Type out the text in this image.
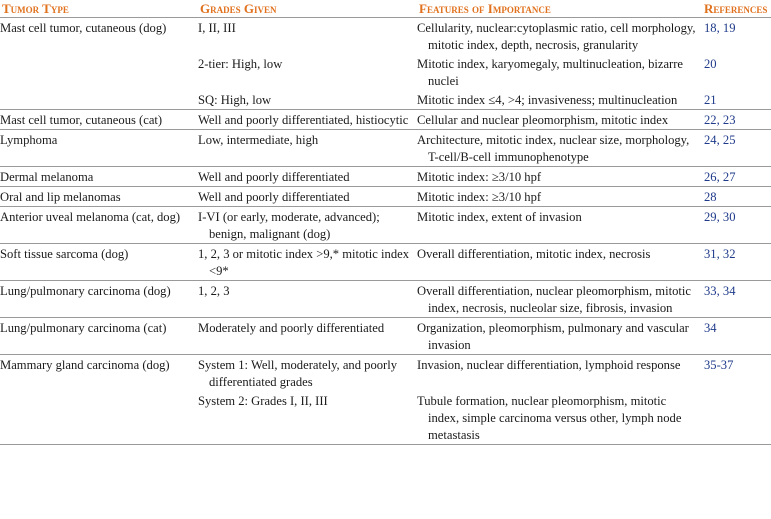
Tumor Type	Grades Given	Features of Importance	References
Mast cell tumor, cutaneous (dog)	I, II, III	Cellularity, nuclear:cytoplasmic ratio, cell morphology, mitotic index, depth, necrosis, granularity	18, 19
	2-tier: High, low	Mitotic index, karyomegaly, multinucleation, bizarre nuclei	20
	SQ: High, low	Mitotic index ≤4, >4; invasiveness; multinucleation	21
Mast cell tumor, cutaneous (cat)	Well and poorly differentiated, histiocytic	Cellular and nuclear pleomorphism, mitotic index	22, 23
Lymphoma	Low, intermediate, high	Architecture, mitotic index, nuclear size, morphology, T-cell/B-cell immunophenotype	24, 25
Dermal melanoma	Well and poorly differentiated	Mitotic index: ≥3/10 hpf	26, 27
Oral and lip melanomas	Well and poorly differentiated	Mitotic index: ≥3/10 hpf	28
Anterior uveal melanoma (cat, dog)	I-VI (or early, moderate, advanced); benign, malignant (dog)	Mitotic index, extent of invasion	29, 30
Soft tissue sarcoma (dog)	1, 2, 3 or mitotic index >9,* mitotic index <9*	Overall differentiation, mitotic index, necrosis	31, 32
Lung/pulmonary carcinoma (dog)	1, 2, 3	Overall differentiation, nuclear pleomorphism, mitotic index, necrosis, nucleolar size, fibrosis, invasion	33, 34
Lung/pulmonary carcinoma (cat)	Moderately and poorly differentiated	Organization, pleomorphism, pulmonary and vascular invasion	34
Mammary gland carcinoma (dog)	System 1: Well, moderately, and poorly differentiated grades	Invasion, nuclear differentiation, lymphoid response	35-37
	System 2: Grades I, II, III	Tubule formation, nuclear pleomorphism, mitotic index, simple carcinoma versus other, lymph node metastasis	
